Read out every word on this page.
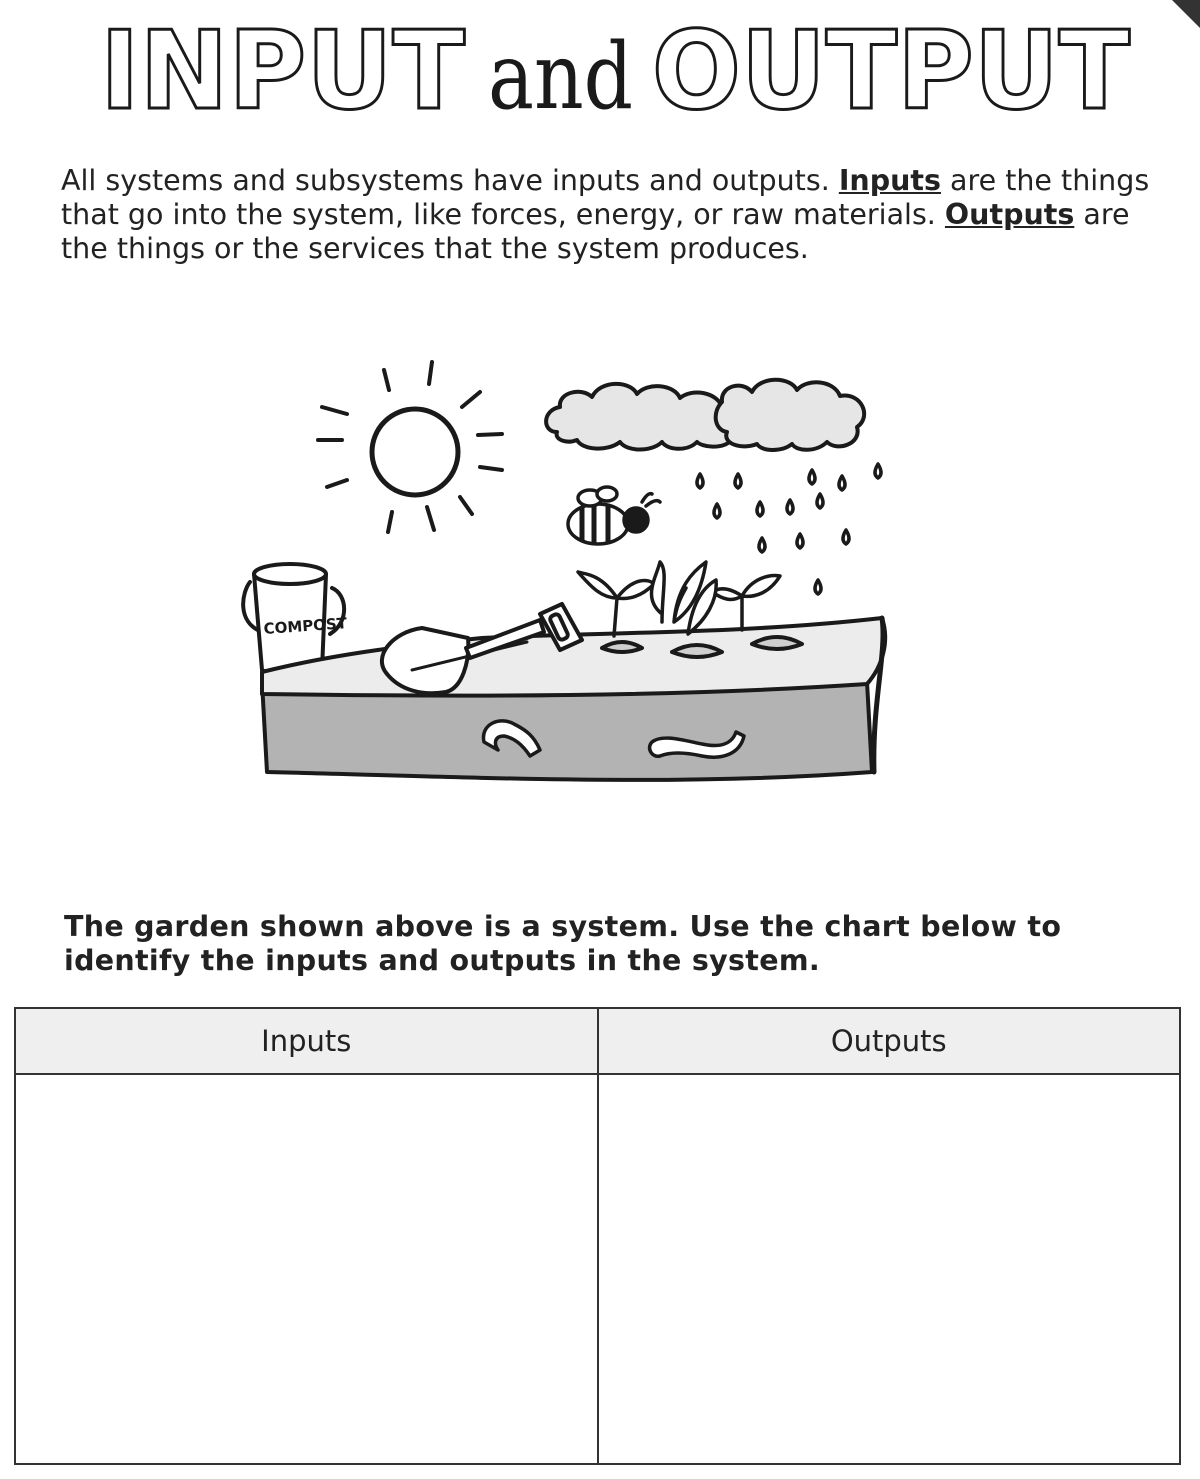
INPUT and OUTPUT
All systems and subsystems have inputs and outputs. Inputs are the things that go into the system, like forces, energy, or raw materials. Outputs are the things or the services that the system produces.
COMPOST
The garden shown above is a system. Use the chart below to identify the inputs and outputs in the system.
Inputs	Outputs
